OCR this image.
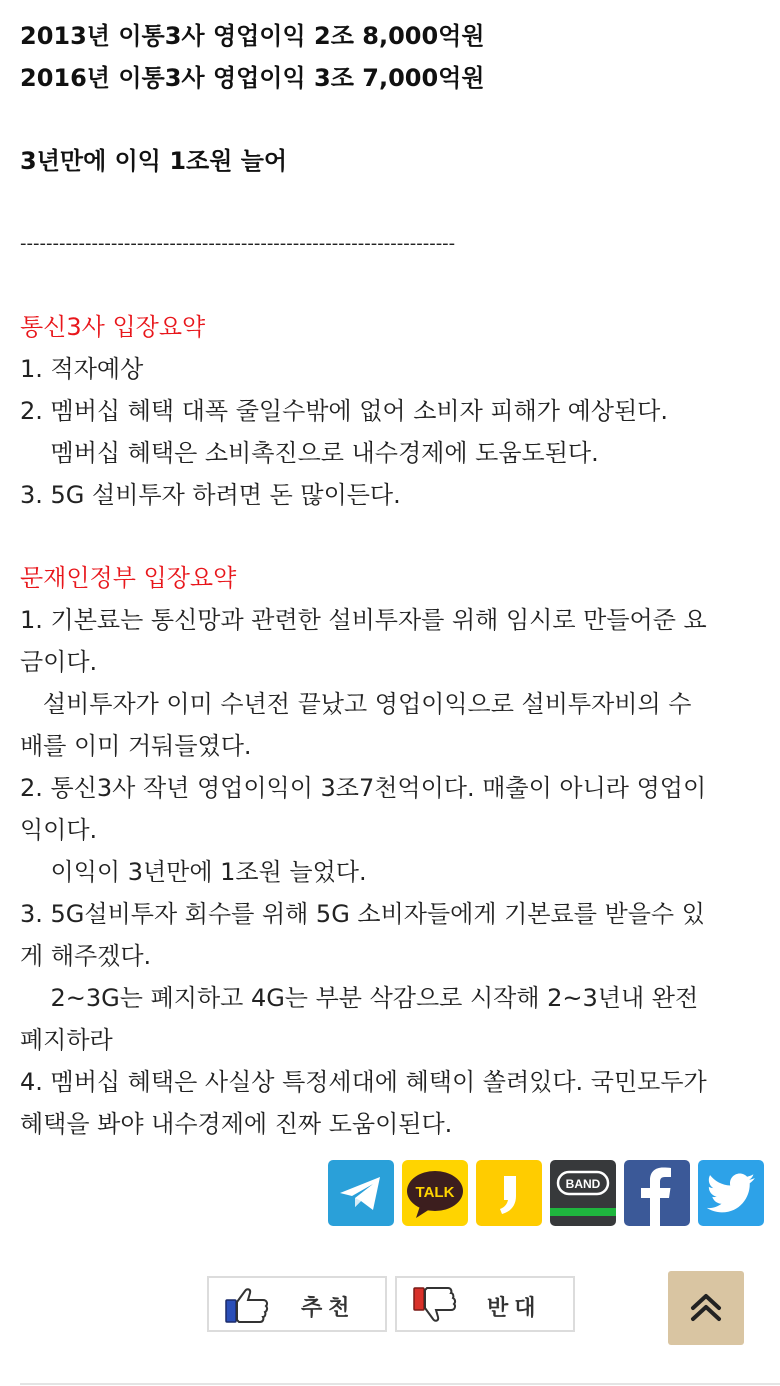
2013년 이통3사 영업이익 2조 8,000억원
2016년 이통3사 영업이익 3조 7,000억원
3년만에 이익 1조원 늘어
-------------------------------------------------------------------
통신3사 입장요약
1. 적자예상
2. 멤버십 혜택 대폭 줄일수밖에 없어 소비자 피해가 예상된다.
멤버십 혜택은 소비촉진으로 내수경제에 도움도된다.
3. 5G 설비투자 하려면 돈 많이든다.
문재인정부 입장요약
1. 기본료는 통신망과 관련한 설비투자를 위해 임시로 만들어준 요
금이다.
설비투자가 이미 수년전 끝났고 영업이익으로 설비투자비의 수
배를 이미 거둬들였다.
2. 통신3사 작년 영업이익이 3조7천억이다. 매출이 아니라 영업이
익이다.
이익이 3년만에 1조원 늘었다.
3. 5G설비투자 회수를 위해 5G 소비자들에게 기본료를 받을수 있
게 해주겠다.
2~3G는 폐지하고 4G는 부분 삭감으로 시작해 2~3년내 완전
폐지하라
4. 멤버십 혜택은 사실상 특정세대에 혜택이 쏠려있다. 국민모두가
혜택을 봐야 내수경제에 진짜 도움이된다.
TALK	BAND
추천	반대
